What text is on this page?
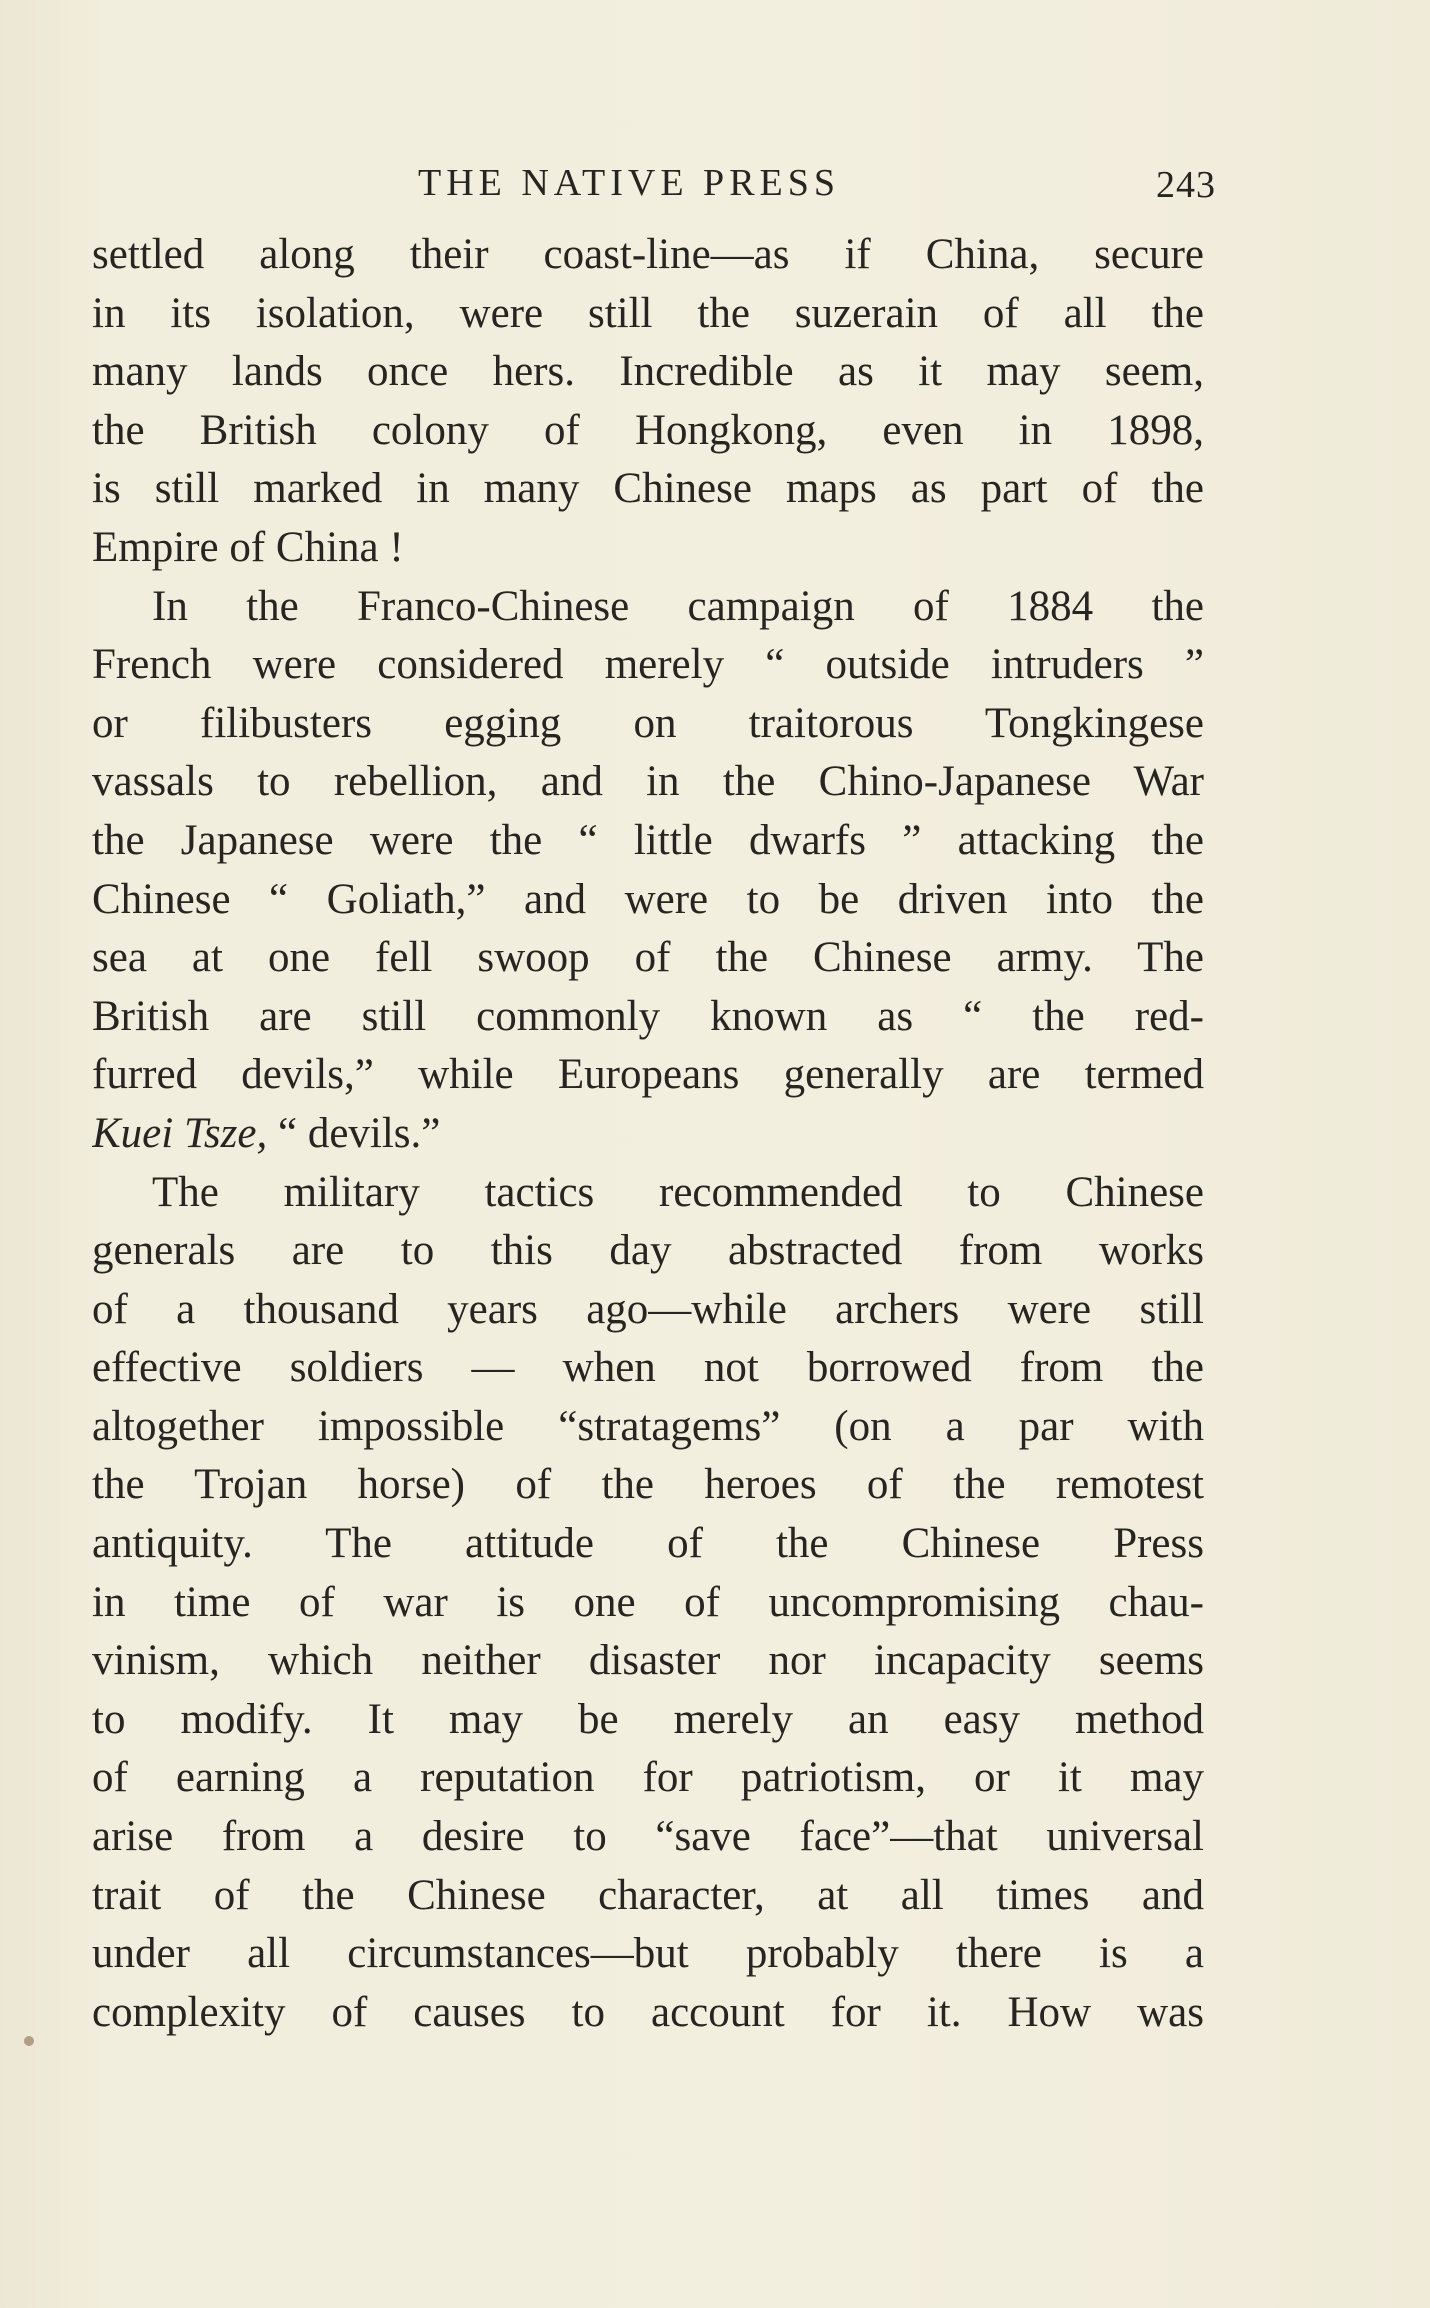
THE NATIVE PRESS	243
settled along their coast-line—as if China, secure
in its isolation, were still the suzerain of all the
many lands once hers. Incredible as it may seem,
the British colony of Hongkong, even in 1898,
is still marked in many Chinese maps as part of the
Empire of China !
In the Franco-Chinese campaign of 1884 the
French were considered merely “ outside intruders ”
or filibusters egging on traitorous Tongkingese
vassals to rebellion, and in the Chino-Japanese War
the Japanese were the “ little dwarfs ” attacking the
Chinese “ Goliath,” and were to be driven into the
sea at one fell swoop of the Chinese army. The
British are still commonly known as “ the red-
furred devils,” while Europeans generally are termed
Kuei Tsze, “ devils.”
The military tactics recommended to Chinese
generals are to this day abstracted from works
of a thousand years ago—while archers were still
effective soldiers — when not borrowed from the
altogether impossible “stratagems” (on a par with
the Trojan horse) of the heroes of the remotest
antiquity. The attitude of the Chinese Press
in time of war is one of uncompromising chau-
vinism, which neither disaster nor incapacity seems
to modify. It may be merely an easy method
of earning a reputation for patriotism, or it may
arise from a desire to “save face”—that universal
trait of the Chinese character, at all times and
under all circumstances—but probably there is a
complexity of causes to account for it. How was
